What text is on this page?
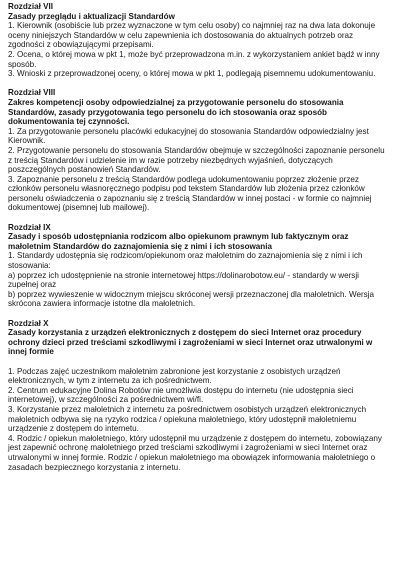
Rozdział VII

Zasady przeglądu i aktualizacji Standardów

1. Kierownik (osobiście lub przez wyznaczone w tym celu osoby) co najmniej raz na dwa lata dokonuje oceny niniejszych Standardów w celu zapewnienia ich dostosowania do aktualnych potrzeb oraz zgodności z obowiązującymi przepisami.

2. Ocena, o której mowa w pkt 1, może być przeprowadzona m.in. z wykorzystaniem ankiet bądź w inny sposób.

3. Wnioski z przeprowadzonej oceny, o której mowa w pkt 1, podlegają pisemnemu udokumentowaniu.

Rozdział VIII

Zakres kompetencji osoby odpowiedzialnej za przygotowanie personelu do stosowania Standardów, zasady przygotowania tego personelu do ich stosowania oraz sposób dokumentowania tej czynności.

1. Za przygotowanie personelu placówki edukacyjnej do stosowania Standardów odpowiedzialny jest Kierownik.

2. Przygotowanie personelu do stosowania Standardów obejmuje w szczególności zapoznanie personelu z treścią Standardów i udzielenie im w razie potrzeby niezbędnych wyjaśnień, dotyczących poszczególnych postanowień Standardów.

3. Zapoznanie personelu z treścią Standardów podlega udokumentowaniu poprzez złożenie przez członków personelu własnoręcznego podpisu pod tekstem Standardów lub złożenia przez członków personelu oświadczenia o zapoznaniu się z treścią Standardów w innej postaci - w formie co najmniej dokumentowej (pisemnej lub mailowej).

Rozdział IX

Zasady i sposób udostępniania rodzicom albo opiekunom prawnym lub faktycznym oraz małoletnim Standardów do zaznajomienia się z nimi i ich stosowania

1. Standardy udostępnia się rodzicom/opiekunom oraz małoletnim do zaznajomienia się z nimi i ich stosowania:

a) poprzez ich udostępnienie na stronie internetowej https://dolinarobotow.eu/ - standardy w wersji zupełnej oraz

b) poprzez wywieszenie w widocznym miejscu skróconej wersji przeznaczonej dla małoletnich. Wersja skrócona zawiera informacje istotne dla małoletnich.

Rozdział X

Zasady korzystania z urządzeń elektronicznych z dostępem do sieci Internet oraz procedury ochrony dzieci przed treściami szkodliwymi i zagrożeniami w sieci Internet oraz utrwalonymi w innej formie

1. Podczas zajęć uczestnikom małoletnim zabronione jest korzystanie z osobistych urządzeń elektronicznych, w tym z internetu za ich pośrednictwem.

2. Centrum edukacyjne Dolina Robotów nie umożliwia dostępu do internetu (nie udostępnia sieci internetowej), w szczególności za pośrednictwem wi/fi.

3. Korzystanie przez małoletnich z internetu za pośrednictwem osobistych urządzeń elektronicznych małoletnich odbywa się na ryzyko rodzica / opiekuna małoletniego, który udostępnił małoletniemu urządzenie z dostępem do internetu.

4. Rodzic / opiekun małoletniego, który udostępnił mu urządzenie z dostępem do internetu, zobowiązany jest zapewnić ochronę małoletniego przed treściami szkodliwymi i zagrożeniami w sieci Internet oraz utrwalonymi w innej formie. Rodzic / opiekun małoletniego ma obowiązek informowania małoletniego o zasadach bezpiecznego korzystania z internetu.
